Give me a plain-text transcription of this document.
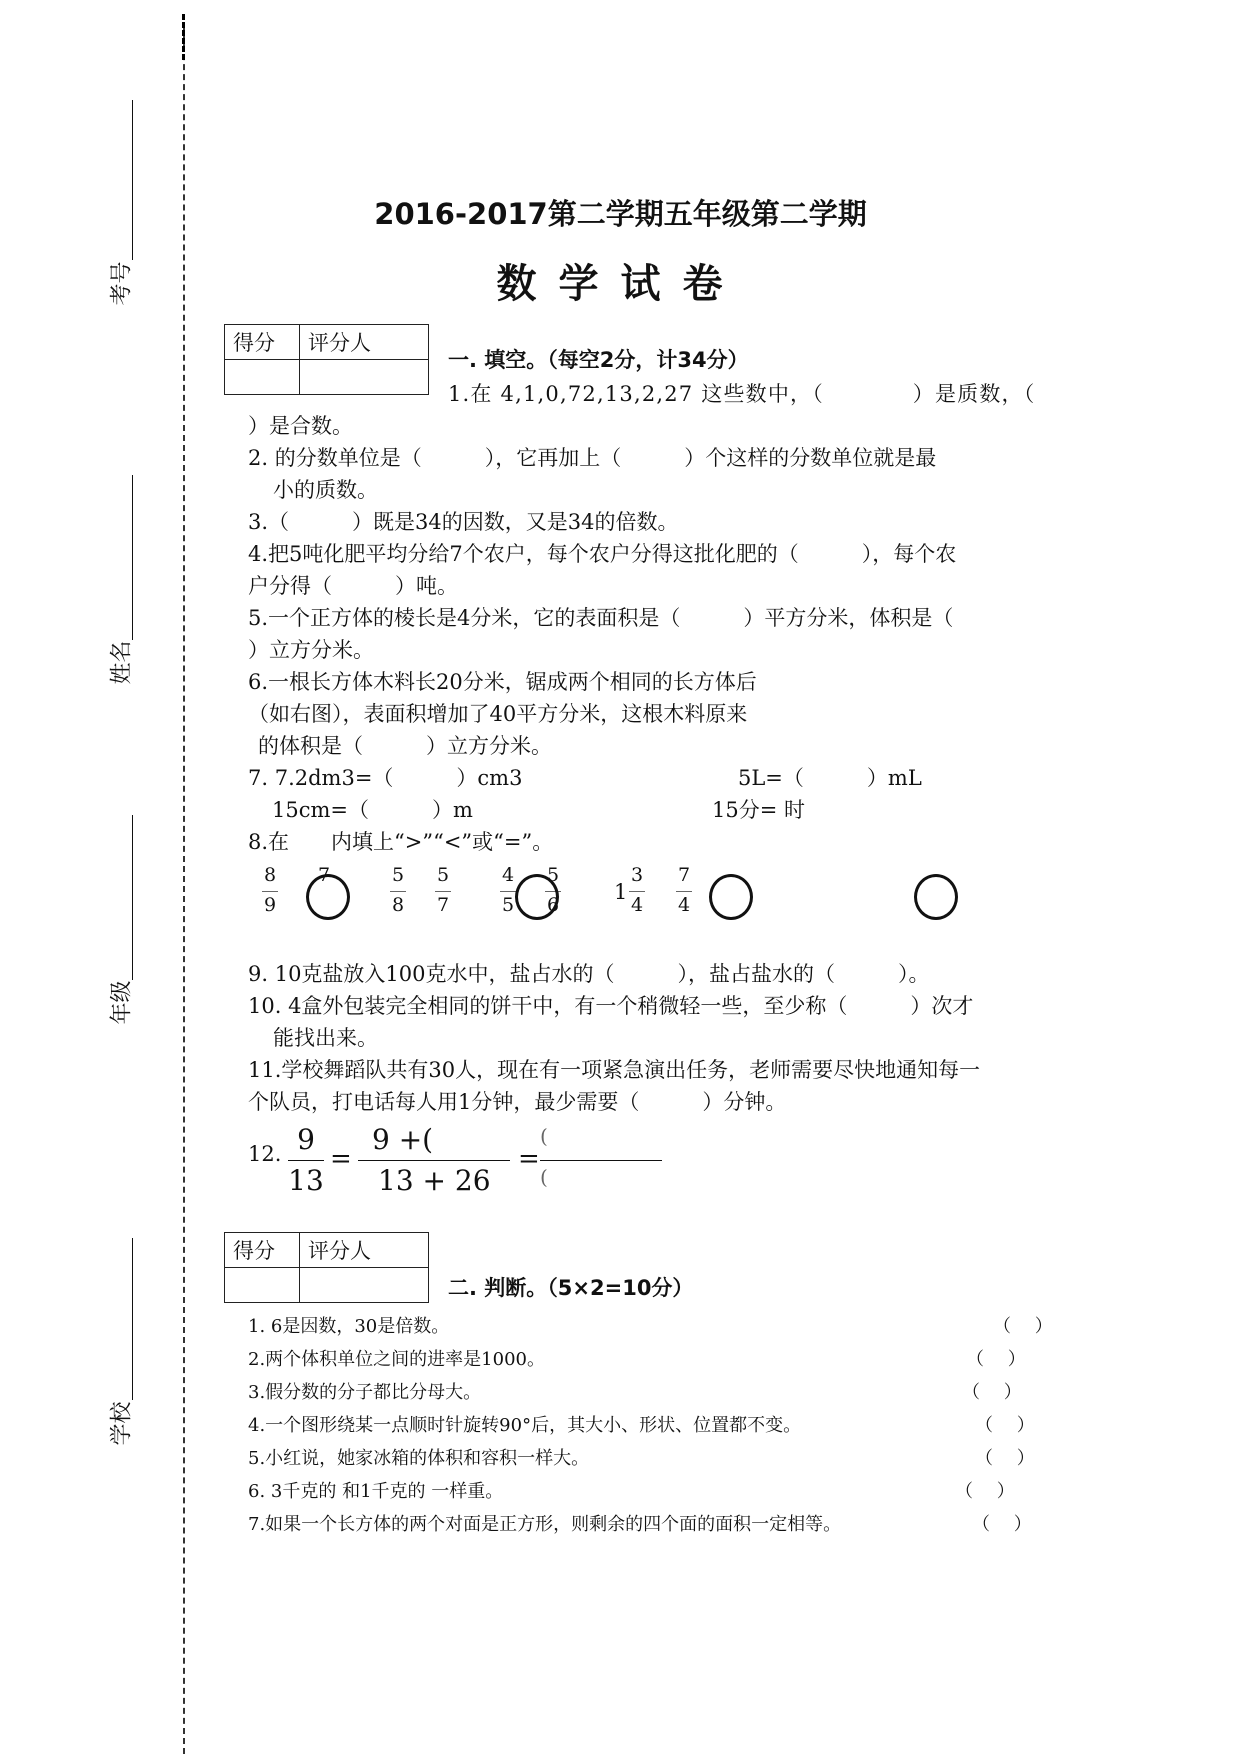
考号
姓名
年级
学校
2016-2017第二学期五年级第二学期
数学试卷
得分	评分人

一. 填空。（每空2分，计34分）
1.在 4,1,0,72,13,2,27 这些数中，（　　　　）是质数，（
）是合数。
2. 的分数单位是（　　　），它再加上（　　　）个这样的分数单位就是最
小的质数。
3.（　　　）既是34的因数，又是34的倍数。
4.把5吨化肥平均分给7个农户，每个农户分得这批化肥的（　　　），每个农
户分得（　　　）吨。
5.一个正方体的棱长是4分米，它的表面积是（　　　）平方分米，体积是（
）立方分米。
6.一根长方体木料长20分米，锯成两个相同的长方体后
（如右图），表面积增加了40平方分米，这根木料原来
的体积是（　　　）立方分米。
7. 7.2dm3=（　　　）cm3	5L=（　　　）mL
15cm=（　　　）m	15分= 时
8.在　　内填上“>”“<”或“=”。
8
9
7	5
8
5
7
4
5
5
6
1
3
4
7
4
9. 10克盐放入100克水中，盐占水的（　　　），盐占盐水的（　　　）。
10. 4盒外包装完全相同的饼干中，有一个稍微轻一些，至少称（　　　）次才
能找出来。
11.学校舞蹈队共有30人，现在有一项紧急演出任务，老师需要尽快地通知每一
个队员，打电话每人用1分钟，最少需要（　　　）分钟。
12. 9
13
=
9 +(
13 + 26
=
(
(
得分	评分人

二. 判断。（5×2=10分）
1. 6是因数，30是倍数。	（　 ）
2.两个体积单位之间的进率是1000。	（　 ）
3.假分数的分子都比分母大。	（　 ）
4.一个图形绕某一点顺时针旋转90°后，其大小、形状、位置都不变。	（　 ）
5.小红说，她家冰箱的体积和容积一样大。	（　 ）
6. 3千克的 和1千克的 一样重。	（　 ）
7.如果一个长方体的两个对面是正方形，则剩余的四个面的面积一定相等。	（　 ）
